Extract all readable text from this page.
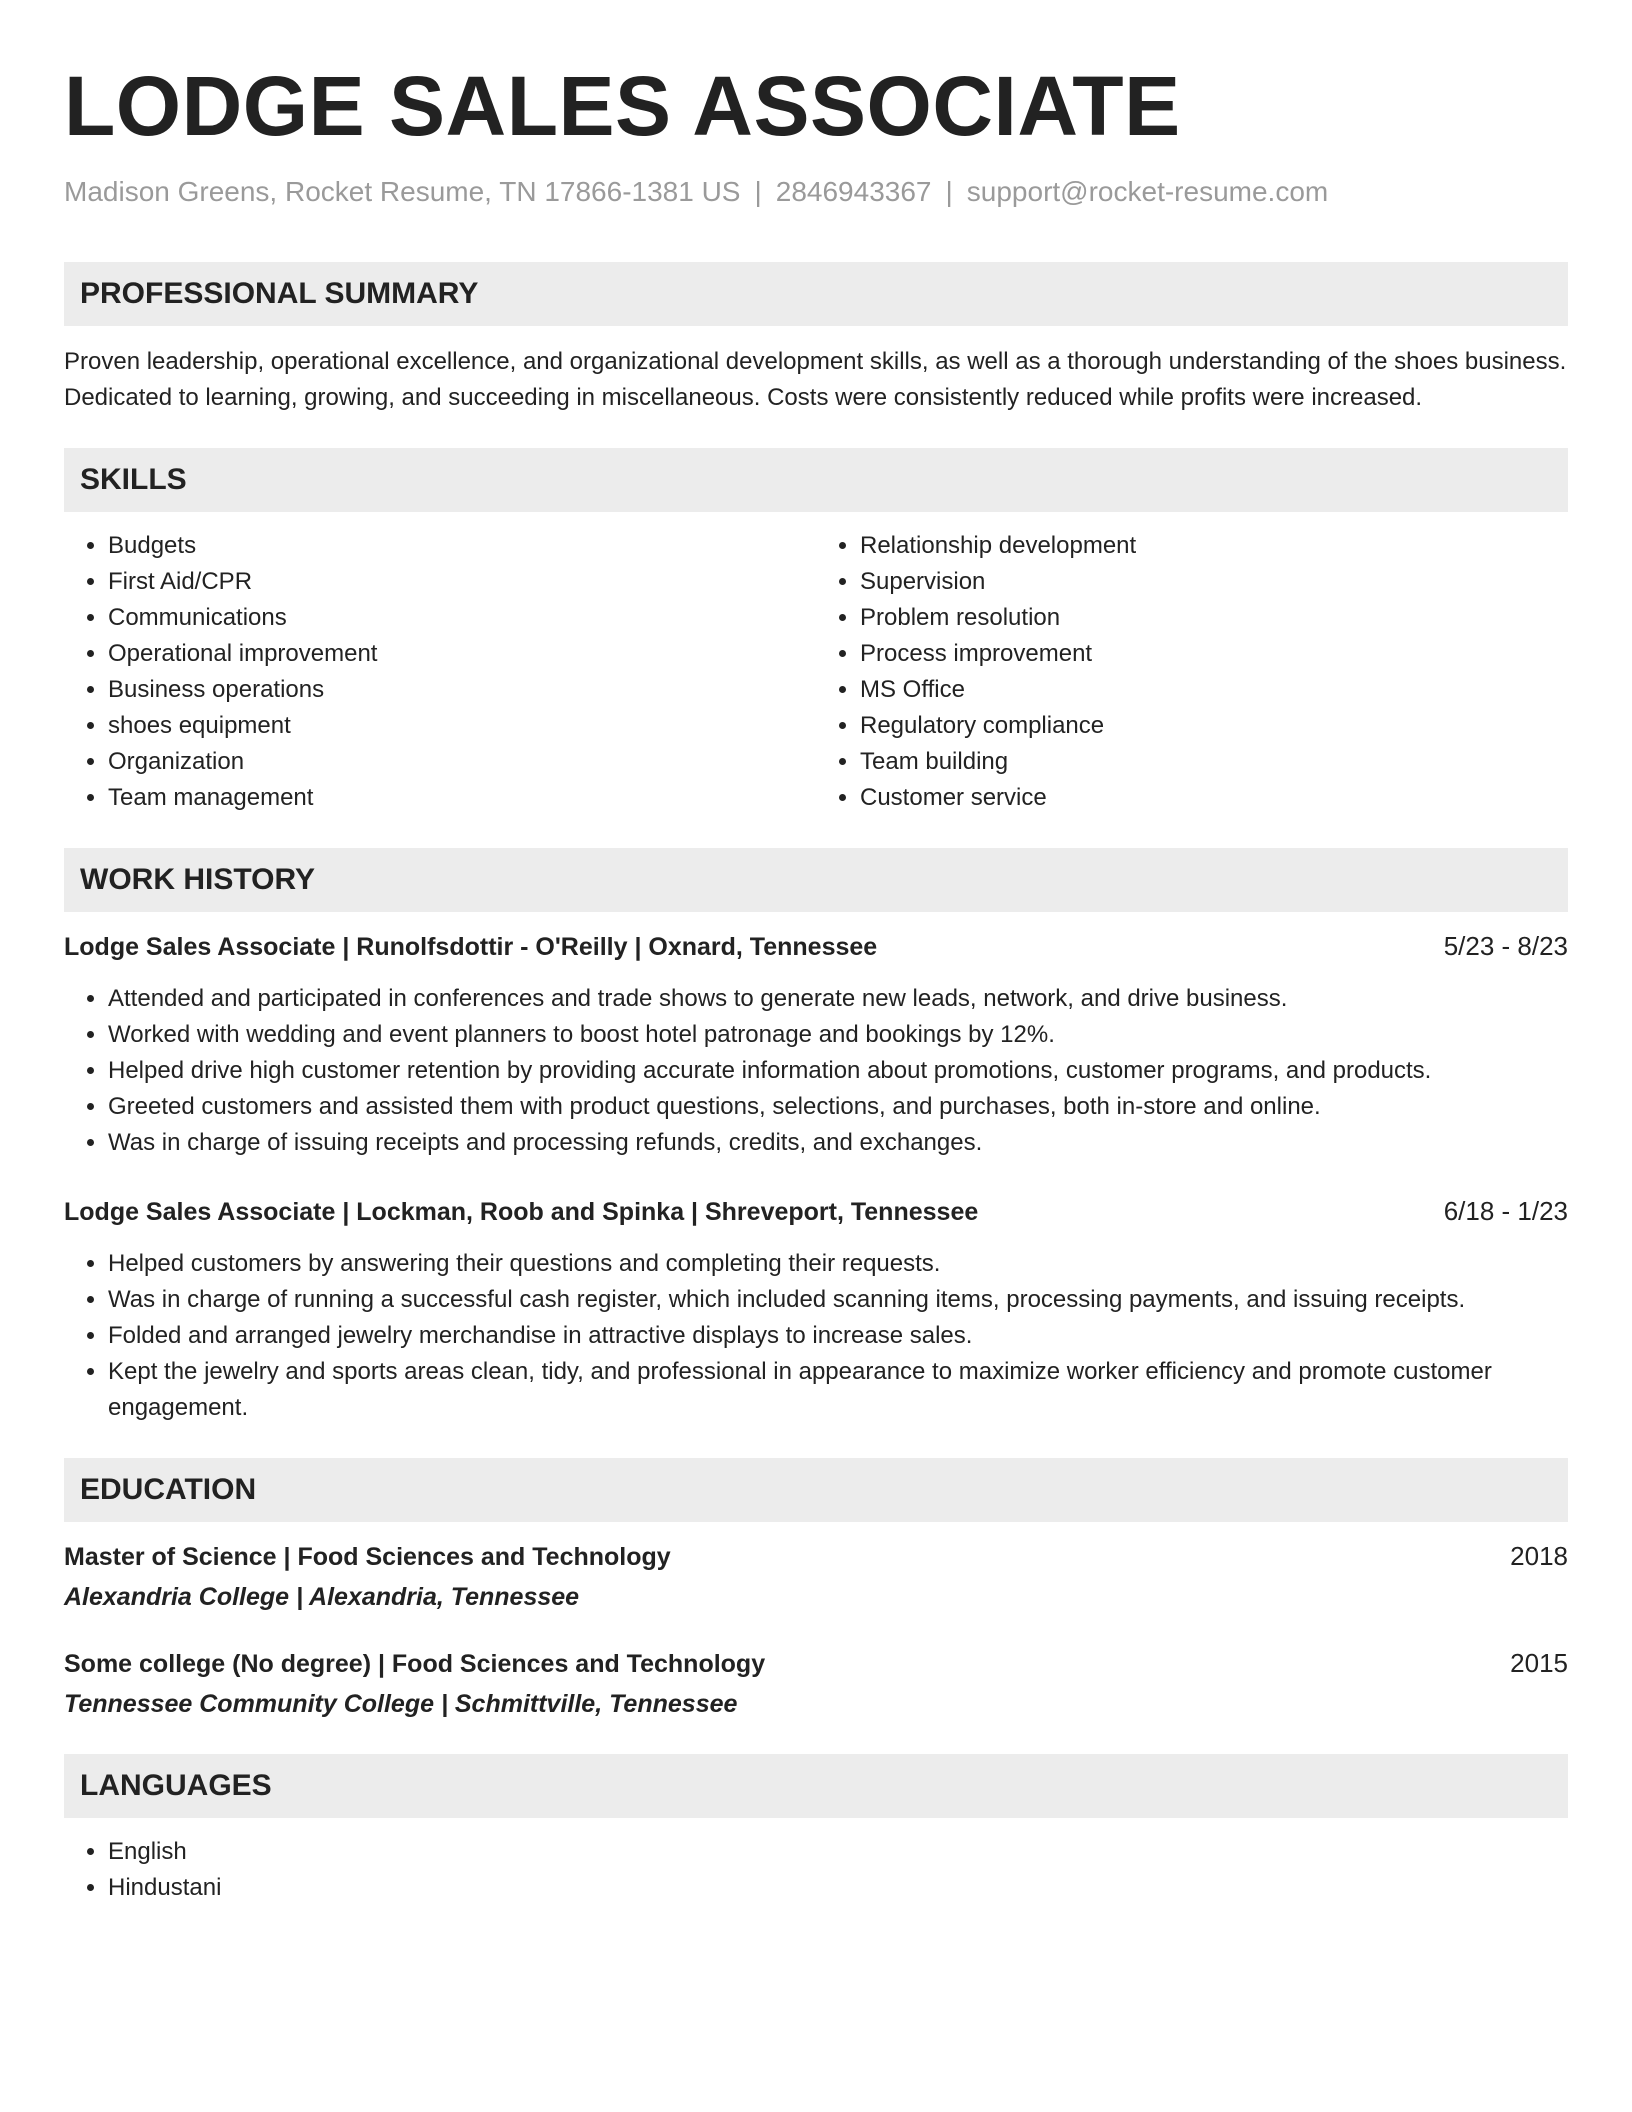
LODGE SALES ASSOCIATE
Madison Greens, Rocket Resume, TN 17866-1381 US | 2846943367 | support@rocket-resume.com
PROFESSIONAL SUMMARY

Proven leadership, operational excellence, and organizational development skills, as well as a thorough understanding of the shoes business. Dedicated to learning, growing, and succeeding in miscellaneous. Costs were consistently reduced while profits were increased.

SKILLS
• Budgets
• First Aid/CPR
• Communications
• Operational improvement
• Business operations
• shoes equipment
• Organization
• Team management
• Relationship development
• Supervision
• Problem resolution
• Process improvement
• MS Office
• Regulatory compliance
• Team building
• Customer service
WORK HISTORY
Lodge Sales Associate | Runolfsdottir - O'Reilly | Oxnard, Tennessee	5/23 - 8/23
• Attended and participated in conferences and trade shows to generate new leads, network, and drive business.
• Worked with wedding and event planners to boost hotel patronage and bookings by 12%.
• Helped drive high customer retention by providing accurate information about promotions, customer programs, and products.
• Greeted customers and assisted them with product questions, selections, and purchases, both in-store and online.
• Was in charge of issuing receipts and processing refunds, credits, and exchanges.
Lodge Sales Associate | Lockman, Roob and Spinka | Shreveport, Tennessee	6/18 - 1/23
• Helped customers by answering their questions and completing their requests.
• Was in charge of running a successful cash register, which included scanning items, processing payments, and issuing receipts.
• Folded and arranged jewelry merchandise in attractive displays to increase sales.
• Kept the jewelry and sports areas clean, tidy, and professional in appearance to maximize worker efficiency and promote customer engagement.
EDUCATION
Master of Science | Food Sciences and Technology	2018
Alexandria College | Alexandria, Tennessee
Some college (No degree) | Food Sciences and Technology	2015
Tennessee Community College | Schmittville, Tennessee
LANGUAGES
• English
• Hindustani
